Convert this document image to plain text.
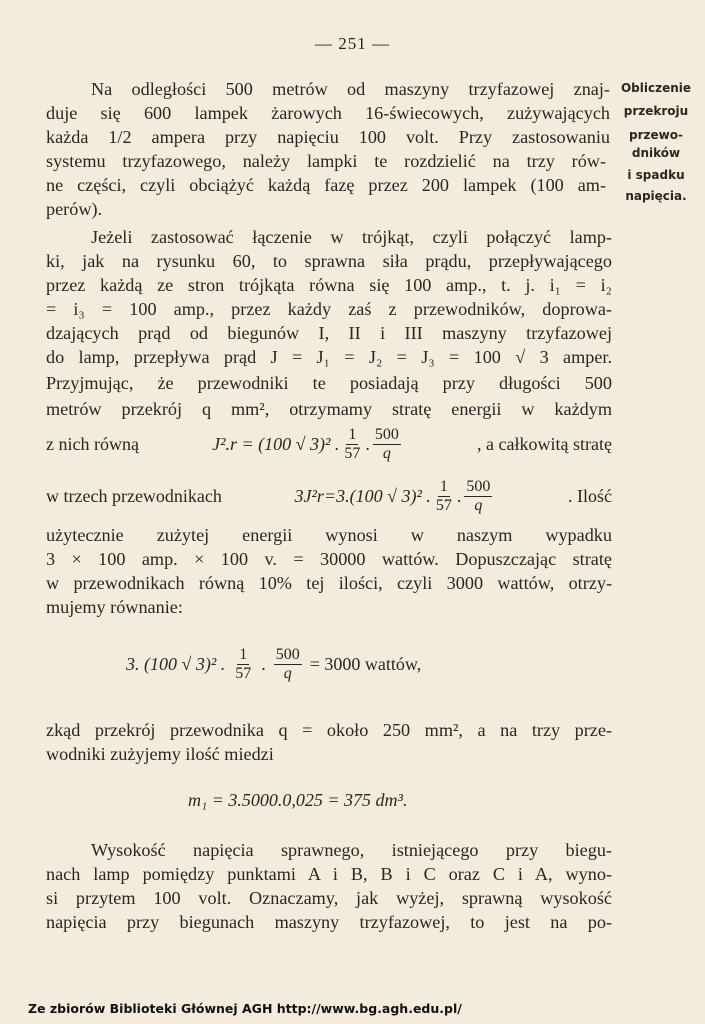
— 251 —
Obliczenie
przekroju
przewo-
dników
i spadku
napięcia.
Na odległości 500 metrów od maszyny trzyfazowej znaj-
duje się 600 lampek żarowych 16-świecowych, zużywających
każda 1/2 ampera przy napięciu 100 volt. Przy zastosowaniu
systemu trzyfazowego, należy lampki te rozdzielić na trzy rów-
ne części, czyli obciążyć każdą fazę przez 200 lampek (100 am-
perów).
Jeżeli zastosować łączenie w trójkąt, czyli połączyć lamp-
ki, jak na rysunku 60, to sprawna siła prądu, przepływającego
przez każdą ze stron trójkąta równa się 100 amp., t. j. i₁ = i₂
= i₃ = 100 amp., przez każdy zaś z przewodników, doprowa-
dzających prąd od biegunów I, II i III maszyny trzyfazowej
do lamp, przepływa prąd J = J₁ = J₂ = J₃ = 100 √ 3 amper.
Przyjmując, że przewodniki te posiadają przy długości 500
metrów przekrój q mm², otrzymamy stratę energii w każdym
z nich równą	J².r = (100 √ 3)² . $\frac{1}{57}$ . $\frac{500}{q}$	, a całkowitą stratę
w trzech przewodnikach	3J²r=3.(100 √ 3)² . $\frac{1}{57}$ . $\frac{500}{q}$	. Ilość
użytecznie zużytej energii wynosi w naszym wypadku
3 × 100 amp. × 100 v. = 30000 wattów. Dopuszczając stratę
w przewodnikach równą 10% tej ilości, czyli 3000 wattów, otrzy-
mujemy równanie:
3. (100 √ 3)² . $\frac{1}{57}$ . $\frac{500}{q} = 3000$ wattów,
zkąd przekrój przewodnika q = około 250 mm², a na trzy prze-
wodniki zużyjemy ilość miedzi
m₁ = 3.5000.0,025 = 375 dm³.
Wysokość napięcia sprawnego, istniejącego przy biegu-
nach lamp pomiędzy punktami A i B, B i C oraz C i A, wyno-
si przytem 100 volt. Oznaczamy, jak wyżej, sprawną wysokość
napięcia przy biegunach maszyny trzyfazowej, to jest na po-
Ze zbiorów Biblioteki Głównej AGH http://www.bg.agh.edu.pl/
